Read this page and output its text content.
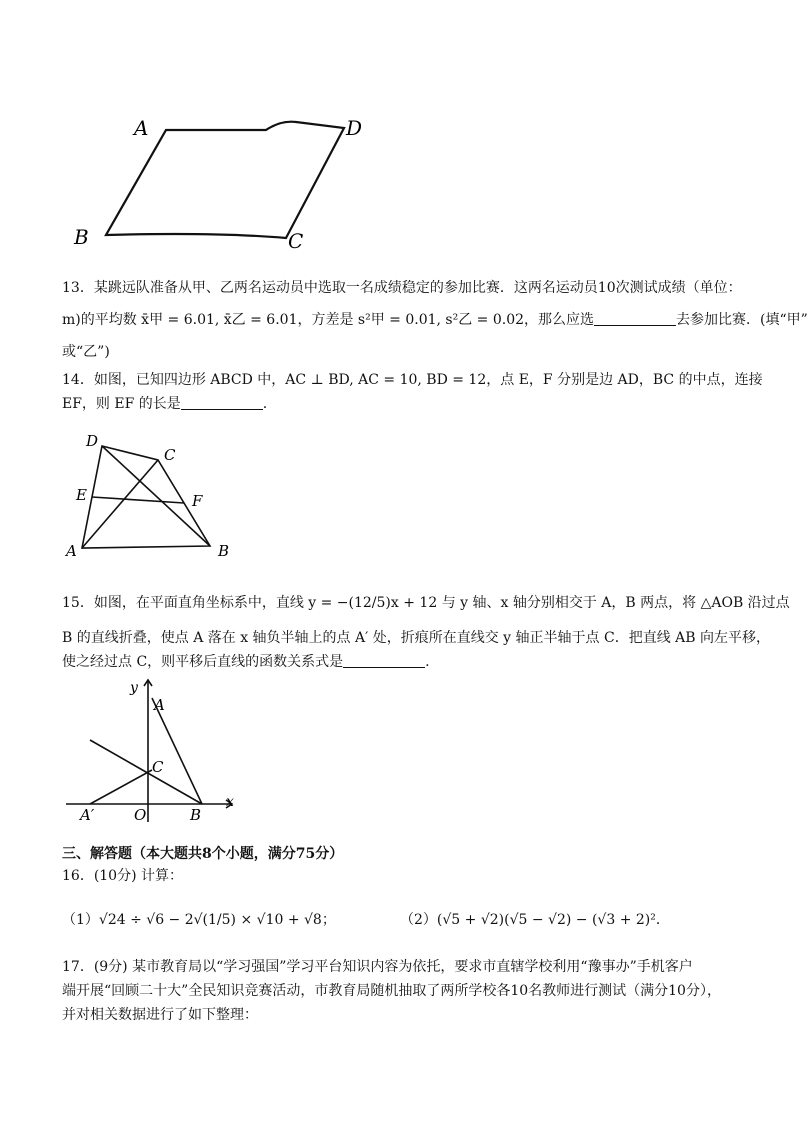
A	D
B	C
13．某跳远队准备从甲、乙两名运动员中选取一名成绩稳定的参加比赛．这两名运动员10次测试成绩（单位：
m)的平均数 x̄甲 = 6.01, x̄乙 = 6.01，方差是 s²甲 = 0.01, s²乙 = 0.02，那么应选	去参加比赛．(填“甲”
或“乙”)
14．如图，已知四边形 ABCD 中，AC ⊥ BD, AC = 10, BD = 12，点 E，F 分别是边 AD，BC 的中点，连接
EF，则 EF 的长是	.
D
C
E	F
A	B
15．如图，在平面直角坐标系中，直线 y = −(12/5)x + 12 与 y 轴、x 轴分别相交于 A，B 两点，将 △AOB 沿过点
B 的直线折叠，使点 A 落在 x 轴负半轴上的点 A′ 处，折痕所在直线交 y 轴正半轴于点 C．把直线 AB 向左平移，
使之经过点 C，则平移后直线的函数关系式是	.
y
x
A
C
A′	O	B
三、解答题（本大题共8个小题，满分75分）
16．(10分) 计算：
（1）√24 ÷ √6 − 2√(1/5) × √10 + √8；	（2）(√5 + √2)(√5 − √2) − (√3 + 2)²．
17．(9分) 某市教育局以“学习强国”学习平台知识内容为依托，要求市直辖学校利用“豫事办”手机客户
端开展“回顾二十大”全民知识竞赛活动，市教育局随机抽取了两所学校各10名教师进行测试（满分10分），
并对相关数据进行了如下整理：
